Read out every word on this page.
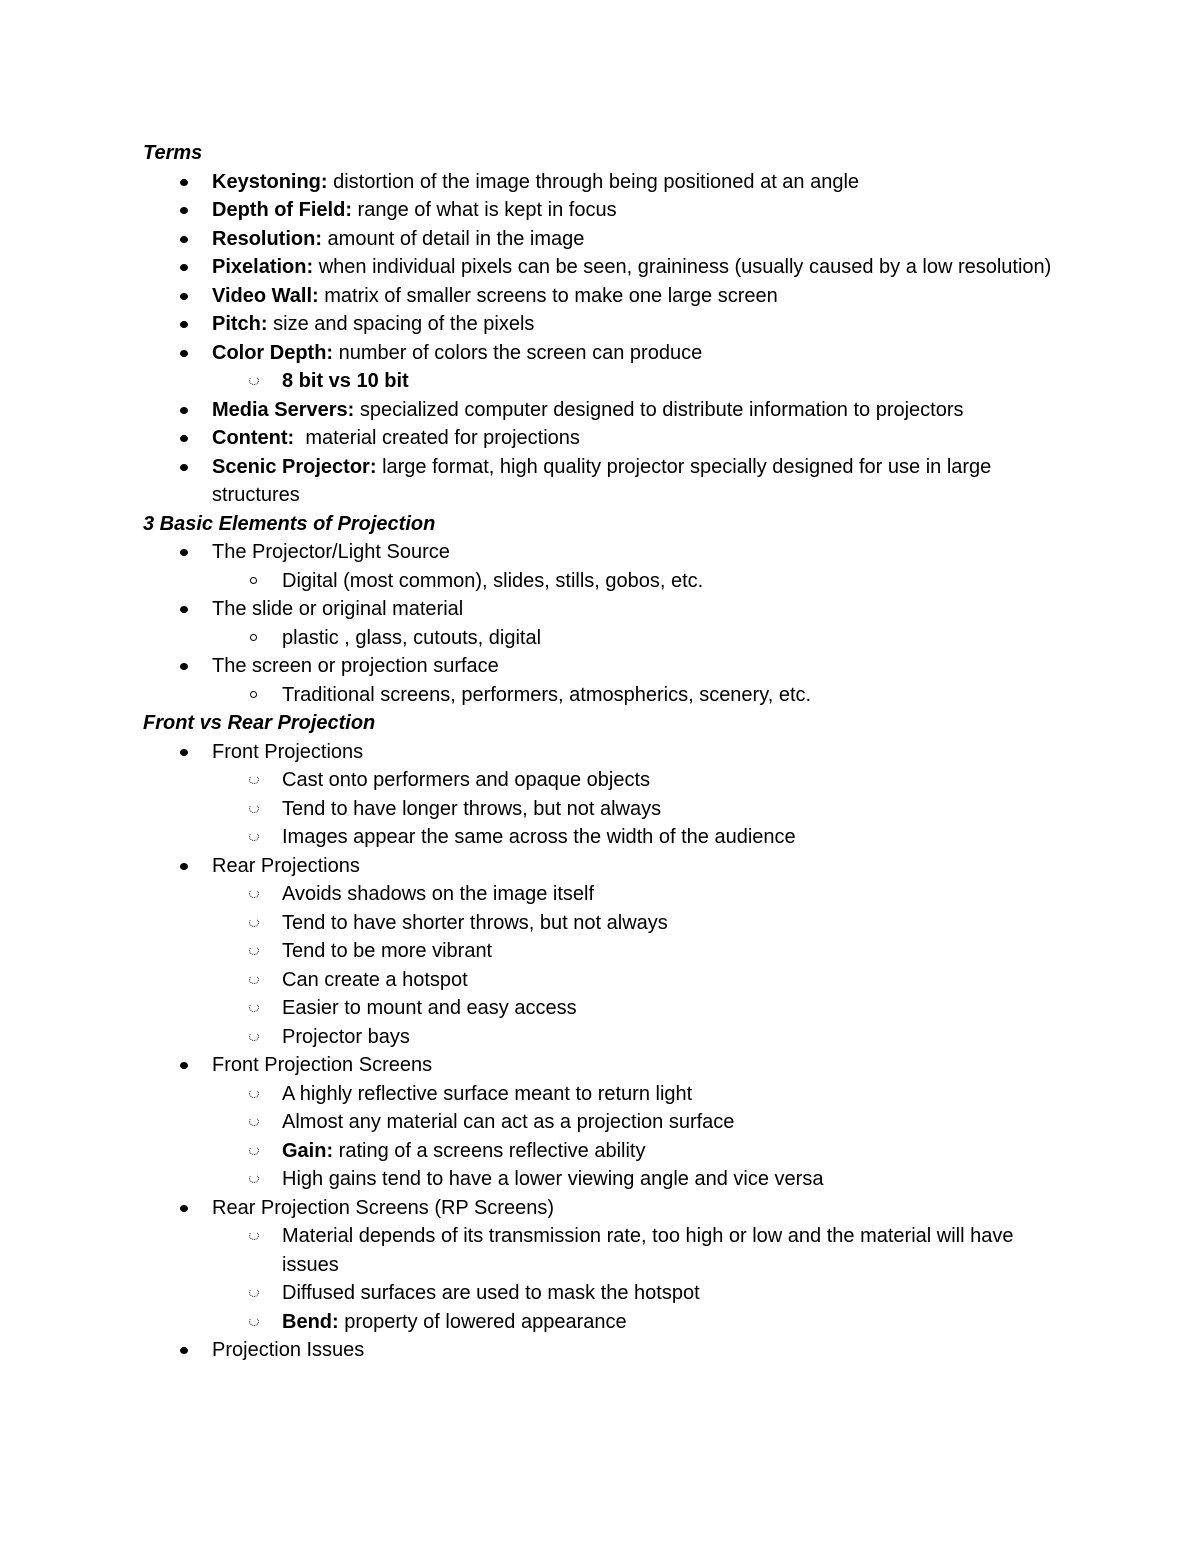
Terms
Keystoning: distortion of the image through being positioned at an angle
Depth of Field: range of what is kept in focus
Resolution: amount of detail in the image
Pixelation: when individual pixels can be seen, graininess (usually caused by a low resolution)
Video Wall: matrix of smaller screens to make one large screen
Pitch: size and spacing of the pixels
Color Depth: number of colors the screen can produce
8 bit vs 10 bit
Media Servers: specialized computer designed to distribute information to projectors
Content:  material created for projections
Scenic Projector: large format, high quality projector specially designed for use in large structures
3 Basic Elements of Projection
The Projector/Light Source
Digital (most common), slides, stills, gobos, etc.
The slide or original material
plastic , glass, cutouts, digital
The screen or projection surface
Traditional screens, performers, atmospherics, scenery, etc.
Front vs Rear Projection
Front Projections
Cast onto performers and opaque objects
Tend to have longer throws, but not always
Images appear the same across the width of the audience
Rear Projections
Avoids shadows on the image itself
Tend to have shorter throws, but not always
Tend to be more vibrant
Can create a hotspot
Easier to mount and easy access
Projector bays
Front Projection Screens
A highly reflective surface meant to return light
Almost any material can act as a projection surface
Gain: rating of a screens reflective ability
High gains tend to have a lower viewing angle and vice versa
Rear Projection Screens (RP Screens)
Material depends of its transmission rate, too high or low and the material will have issues
Diffused surfaces are used to mask the hotspot
Bend: property of lowered appearance
Projection Issues
